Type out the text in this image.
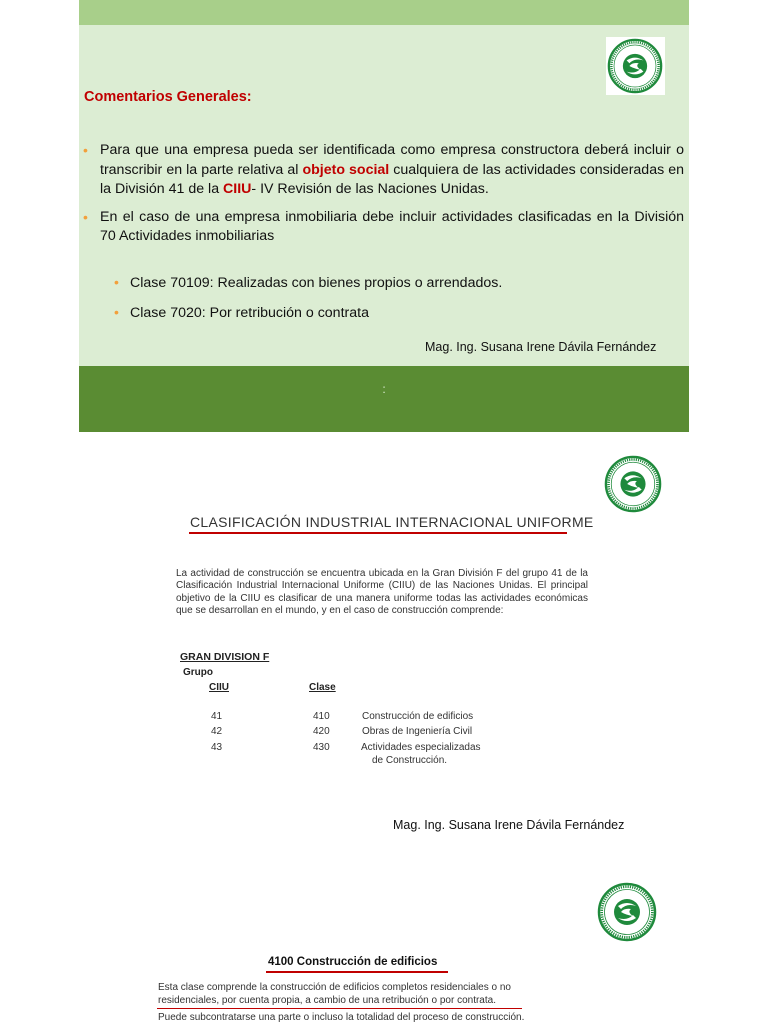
Comentarios Generales:
• Para que una empresa pueda ser identificada como empresa constructora deberá incluir o transcribir en la parte relativa al objeto social cualquiera de las actividades consideradas en la División 41 de la CIIU- IV Revisión de las Naciones Unidas.
• En el caso de una empresa inmobiliaria debe incluir actividades clasificadas en la División 70 Actividades inmobiliarias
• Clase 70109: Realizadas con bienes propios o arrendados.
• Clase 7020: Por retribución o contrata
Mag. Ing. Susana Irene Dávila Fernández
:
CLASIFICACIÓN INDUSTRIAL INTERNACIONAL UNIFORME
La actividad de construcción se encuentra ubicada en la Gran División F del grupo 41 de la Clasificación Industrial Internacional Uniforme (CIIU) de las Naciones Unidas. El principal objetivo de la CIIU es clasificar de una manera uniforme todas las actividades económicas que se desarrollan en el mundo, y en el caso de construcción comprende:
GRAN DIVISION F
Grupo
CIIU	Clase
41	410	Construcción de edificios
42	420	Obras de Ingeniería Civil
43	430	Actividades especializadas
de Construcción.
Mag. Ing. Susana Irene Dávila Fernández
4100 Construcción de edificios
Esta clase comprende la construcción de edificios completos residenciales o no
residenciales, por cuenta propia, a cambio de una retribución o por contrata.
Puede subcontratarse una parte o incluso la totalidad del proceso de construcción.
